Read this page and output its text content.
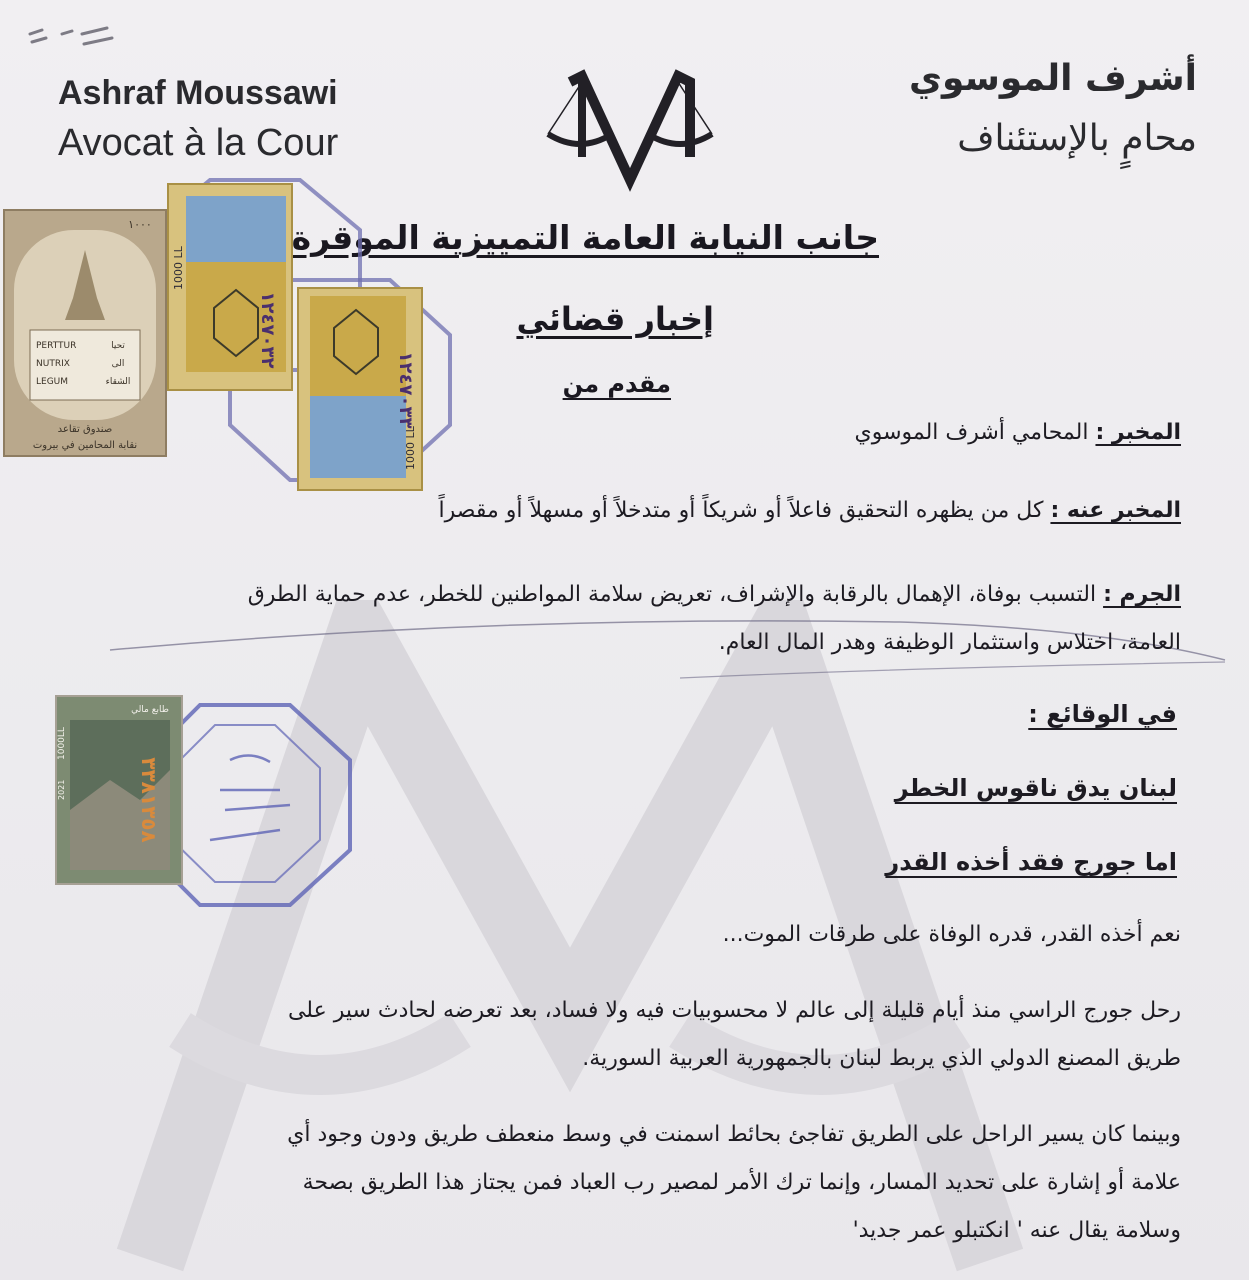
Ashraf Moussawi
Avocat à la Cour
أشرف الموسوي
محامٍ بالإستئناف
جانب النيابة العامة التمييزية الموقرة
إخبار قضائي
مقدم من
المخبر : المحامي أشرف الموسوي
المخبر عنه : كل من يظهره التحقيق فاعلاً أو شريكاً أو متدخلاً أو مسهلاً أو مقصراً
الجرم : التسبب بوفاة، الإهمال بالرقابة والإشراف، تعريض سلامة المواطنين للخطر، عدم حماية الطرق
العامة، اختلاس واستثمار الوظيفة وهدر المال العام.
في الوقائع :
لبنان يدق ناقوس الخطر
اما جورج فقد أخذه القدر
نعم أخذه القدر، قدره الوفاة على طرقات الموت...
رحل جورج الراسي منذ أيام قليلة إلى عالم لا محسوبيات فيه ولا فساد، بعد تعرضه لحادث سير على
طريق المصنع الدولي الذي يربط لبنان بالجمهورية العربية السورية.
وبينما كان يسير الراحل على الطريق تفاجئ بحائط اسمنت في وسط منعطف طريق ودون وجود أي
علامة أو إشارة على تحديد المسار، وإنما ترك الأمر لمصير رب العباد فمن يجتاز هذا الطريق بصحة
وسلامة يقال عنه ' انكتبلو عمر جديد'
PERTTUR
NUTRIX
LEGUM
تحيا
الى
الشقاء
١٠٠٠
صندوق تقاعد
نقابة المحامين في بيروت
1000 LL
١٢٤٧٠٣٢
1000 LL
١٢٤٧٠٣٣
1000LL
2021
طابع مالي
٣٣٨١٣٥٨
